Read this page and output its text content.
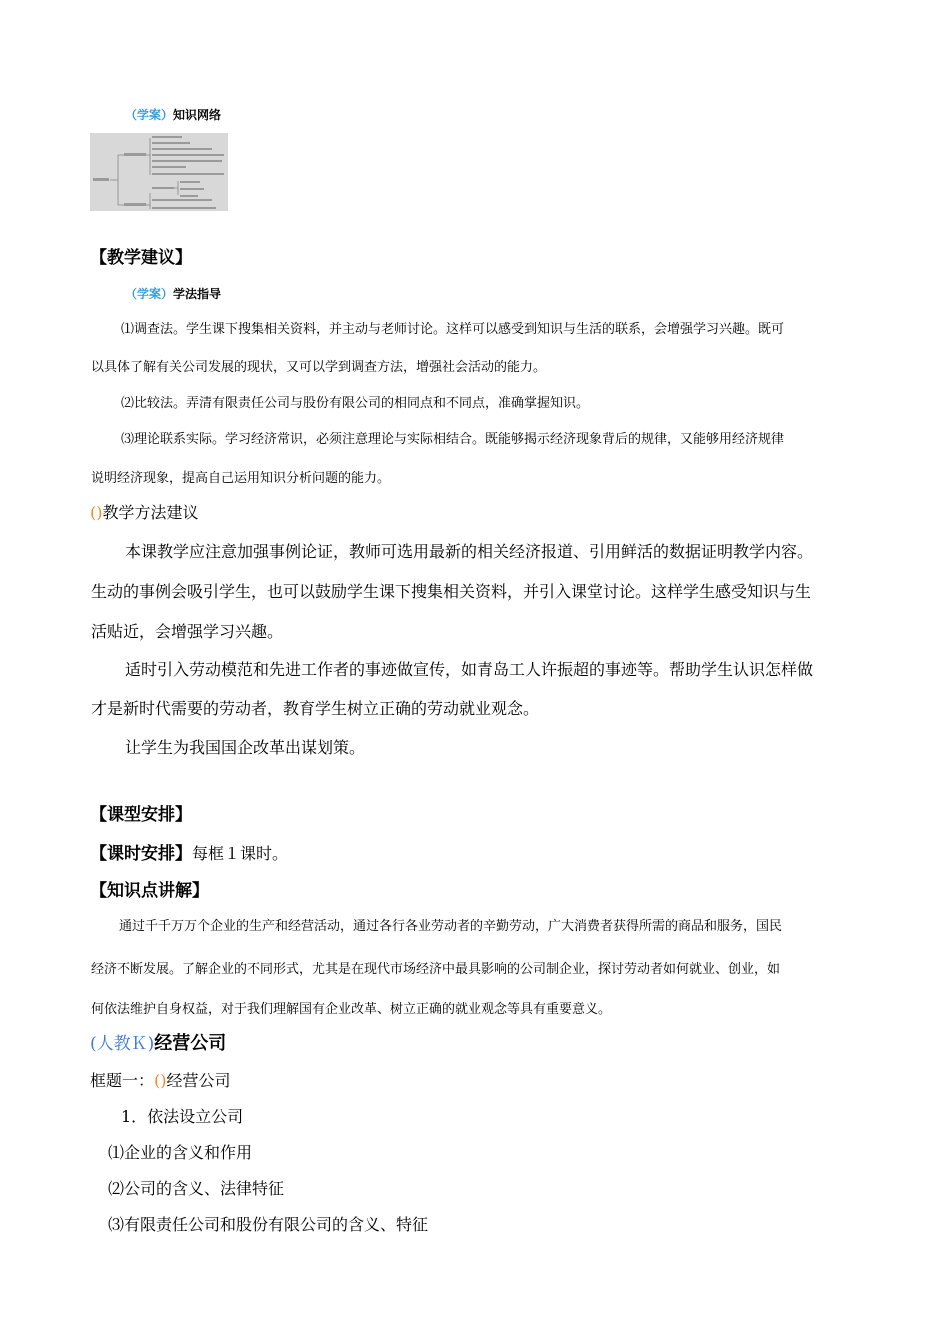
（学案）知识网络
【教学建议】
（学案）学法指导
⑴调查法。学生课下搜集相关资料，并主动与老师讨论。这样可以感受到知识与生活的联系，会增强学习兴趣。既可
以具体了解有关公司发展的现状，又可以学到调查方法，增强社会活动的能力。
⑵比较法。弄清有限责任公司与股份有限公司的相同点和不同点，准确掌握知识。
⑶理论联系实际。学习经济常识，必须注意理论与实际相结合。既能够揭示经济现象背后的规律，又能够用经济规律
说明经济现象，提高自己运用知识分析问题的能力。
()教学方法建议
本课教学应注意加强事例论证，教师可选用最新的相关经济报道、引用鲜活的数据证明教学内容。
生动的事例会吸引学生，也可以鼓励学生课下搜集相关资料，并引入课堂讨论。这样学生感受知识与生
活贴近，会增强学习兴趣。
适时引入劳动模范和先进工作者的事迹做宣传，如青岛工人许振超的事迹等。帮助学生认识怎样做
才是新时代需要的劳动者，教育学生树立正确的劳动就业观念。
让学生为我国国企改革出谋划策。
【课型安排】
【课时安排】每框１课时。
【知识点讲解】
通过千千万万个企业的生产和经营活动，通过各行各业劳动者的辛勤劳动，广大消费者获得所需的商品和服务，国民
经济不断发展。了解企业的不同形式，尤其是在现代市场经济中最具影响的公司制企业，探讨劳动者如何就业、创业，如
何依法维护自身权益，对于我们理解国有企业改革、树立正确的就业观念等具有重要意义。
(人教Ｋ)经营公司
框题一：()经营公司
1．依法设立公司
⑴企业的含义和作用
⑵公司的含义、法律特征
⑶有限责任公司和股份有限公司的含义、特征
